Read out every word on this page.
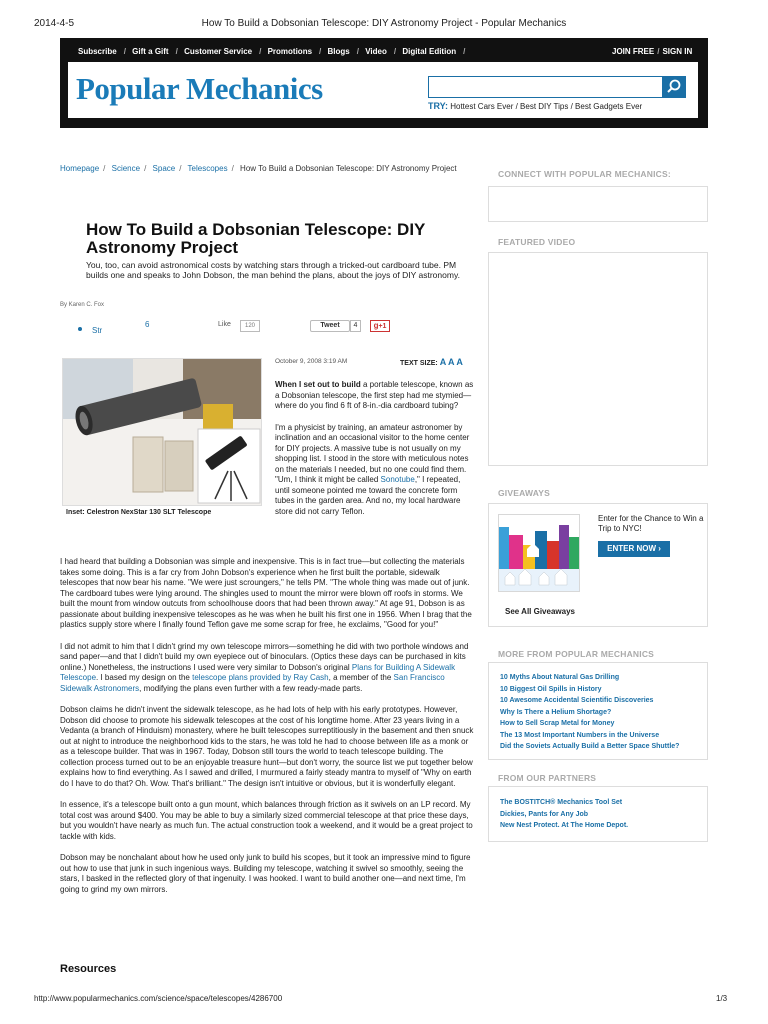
2014-4-5	How To Build a Dobsonian Telescope: DIY Astronomy Project - Popular Mechanics
Subscribe / Gift a Gift / Customer Service / Promotions / Blogs / Video / Digital Edition /	JOIN FREE / SIGN IN
Popular Mechanics	TRY: Hottest Cars Ever / Best DIY Tips / Best Gadgets Ever
Homepage / Science / Space / Telescopes / How To Build a Dobsonian Telescope: DIY Astronomy Project
How To Build a Dobsonian Telescope: DIY Astronomy Project
You, too, can avoid astronomical costs by watching stars through a tricked-out cardboard tube. PM builds one and speaks to John Dobson, the man behind the plans, about the joys of DIY astronomy.
By Karen C. Fox
Str
6	Like	120	Tweet	4	g+1
Inset: Celestron NexStar 130 SLT Telescope
October 9, 2008 3:19 AM	TEXT SIZE: A A A

When I set out to build a portable telescope, known as a Dobsonian telescope, the first step had me stymied—where do you find 6 ft of 8-in.-dia cardboard tubing?

I'm a physicist by training, an amateur astronomer by inclination and an occasional visitor to the home center for DIY projects. A massive tube is not usually on my shopping list. I stood in the store with meticulous notes on the materials I needed, but no one could find them. "Um, I think it might be called Sonotube," I repeated, until someone pointed me toward the concrete form tubes in the garden area. And no, my local hardware store did not carry Teflon.

I had heard that building a Dobsonian was simple and inexpensive. This is in fact true—but collecting the materials takes some doing. This is a far cry from John Dobson's experience when he first built the portable, sidewalk telescopes that now bear his name. "We were just scroungers," he tells PM. "The whole thing was made out of junk. The cardboard tubes were lying around. The shingles used to mount the mirror were blown off roofs in storms. We built the mount from window outcuts from schoolhouse doors that had been thrown away." At age 91, Dobson is as passionate about building inexpensive telescopes as he was when he built his first one in 1956. When I brag that the plastics supply store where I finally found Teflon gave me some scrap for free, he exclaims, "Good for you!"

I did not admit to him that I didn't grind my own telescope mirrors—something he did with two porthole windows and sand paper—and that I didn't build my own eyepiece out of binoculars. (Optics these days can be purchased in kits online.) Nonetheless, the instructions I used were very similar to Dobson's original Plans for Building A Sidewalk Telescope. I based my design on the telescope plans provided by Ray Cash, a member of the San Francisco Sidewalk Astronomers, modifying the plans even further with a few ready-made parts.

Dobson claims he didn't invent the sidewalk telescope, as he had lots of help with his early prototypes. However, Dobson did choose to promote his sidewalk telescopes at the cost of his longtime home. After 23 years living in a Vedanta (a branch of Hinduism) monastery, where he built telescopes surreptitiously in the basement and then snuck out at night to introduce the neighborhood kids to the stars, he was told he had to choose between life as a monk or as a telescope builder. That was in 1967. Today, Dobson still tours the world to teach telescope building. The collection process turned out to be an enjoyable treasure hunt—but don't worry, the source list we put together below explains how to find everything. As I sawed and drilled, I murmured a fairly steady mantra to myself of "Why on earth do I have to do that? Oh. Wow. That's brilliant." The design isn't intuitive or obvious, but it is wonderfully elegant.

In essence, it's a telescope built onto a gun mount, which balances through friction as it swivels on an LP record. My total cost was around $400. You may be able to buy a similarly sized commercial telescope at that price these days, but you wouldn't have nearly as much fun. The actual construction took a weekend, and it would be a great project to tackle with kids.

Dobson may be nonchalant about how he used only junk to build his scopes, but it took an impressive mind to figure out how to use that junk in such ingenious ways. Building my telescope, watching it swivel so smoothly, seeing the stars, I basked in the reflected glory of that ingenuity. I was hooked. I want to build another one—and next time, I'm going to grind my own mirrors.

Resources
CONNECT WITH POPULAR MECHANICS:
FEATURED VIDEO
GIVEAWAYS
Enter for the Chance to Win a Trip to NYC!
ENTER NOW ›
See All Giveaways
MORE FROM POPULAR MECHANICS
10 Myths About Natural Gas Drilling
10 Biggest Oil Spills in History
10 Awesome Accidental Scientific Discoveries
Why Is There a Helium Shortage?
How to Sell Scrap Metal for Money
The 13 Most Important Numbers in the Universe
Did the Soviets Actually Build a Better Space Shuttle?
FROM OUR PARTNERS
The BOSTITCH® Mechanics Tool Set
Dickies, Pants for Any Job
New Nest Protect. At The Home Depot.
http://www.popularmechanics.com/science/space/telescopes/4286700	1/3
